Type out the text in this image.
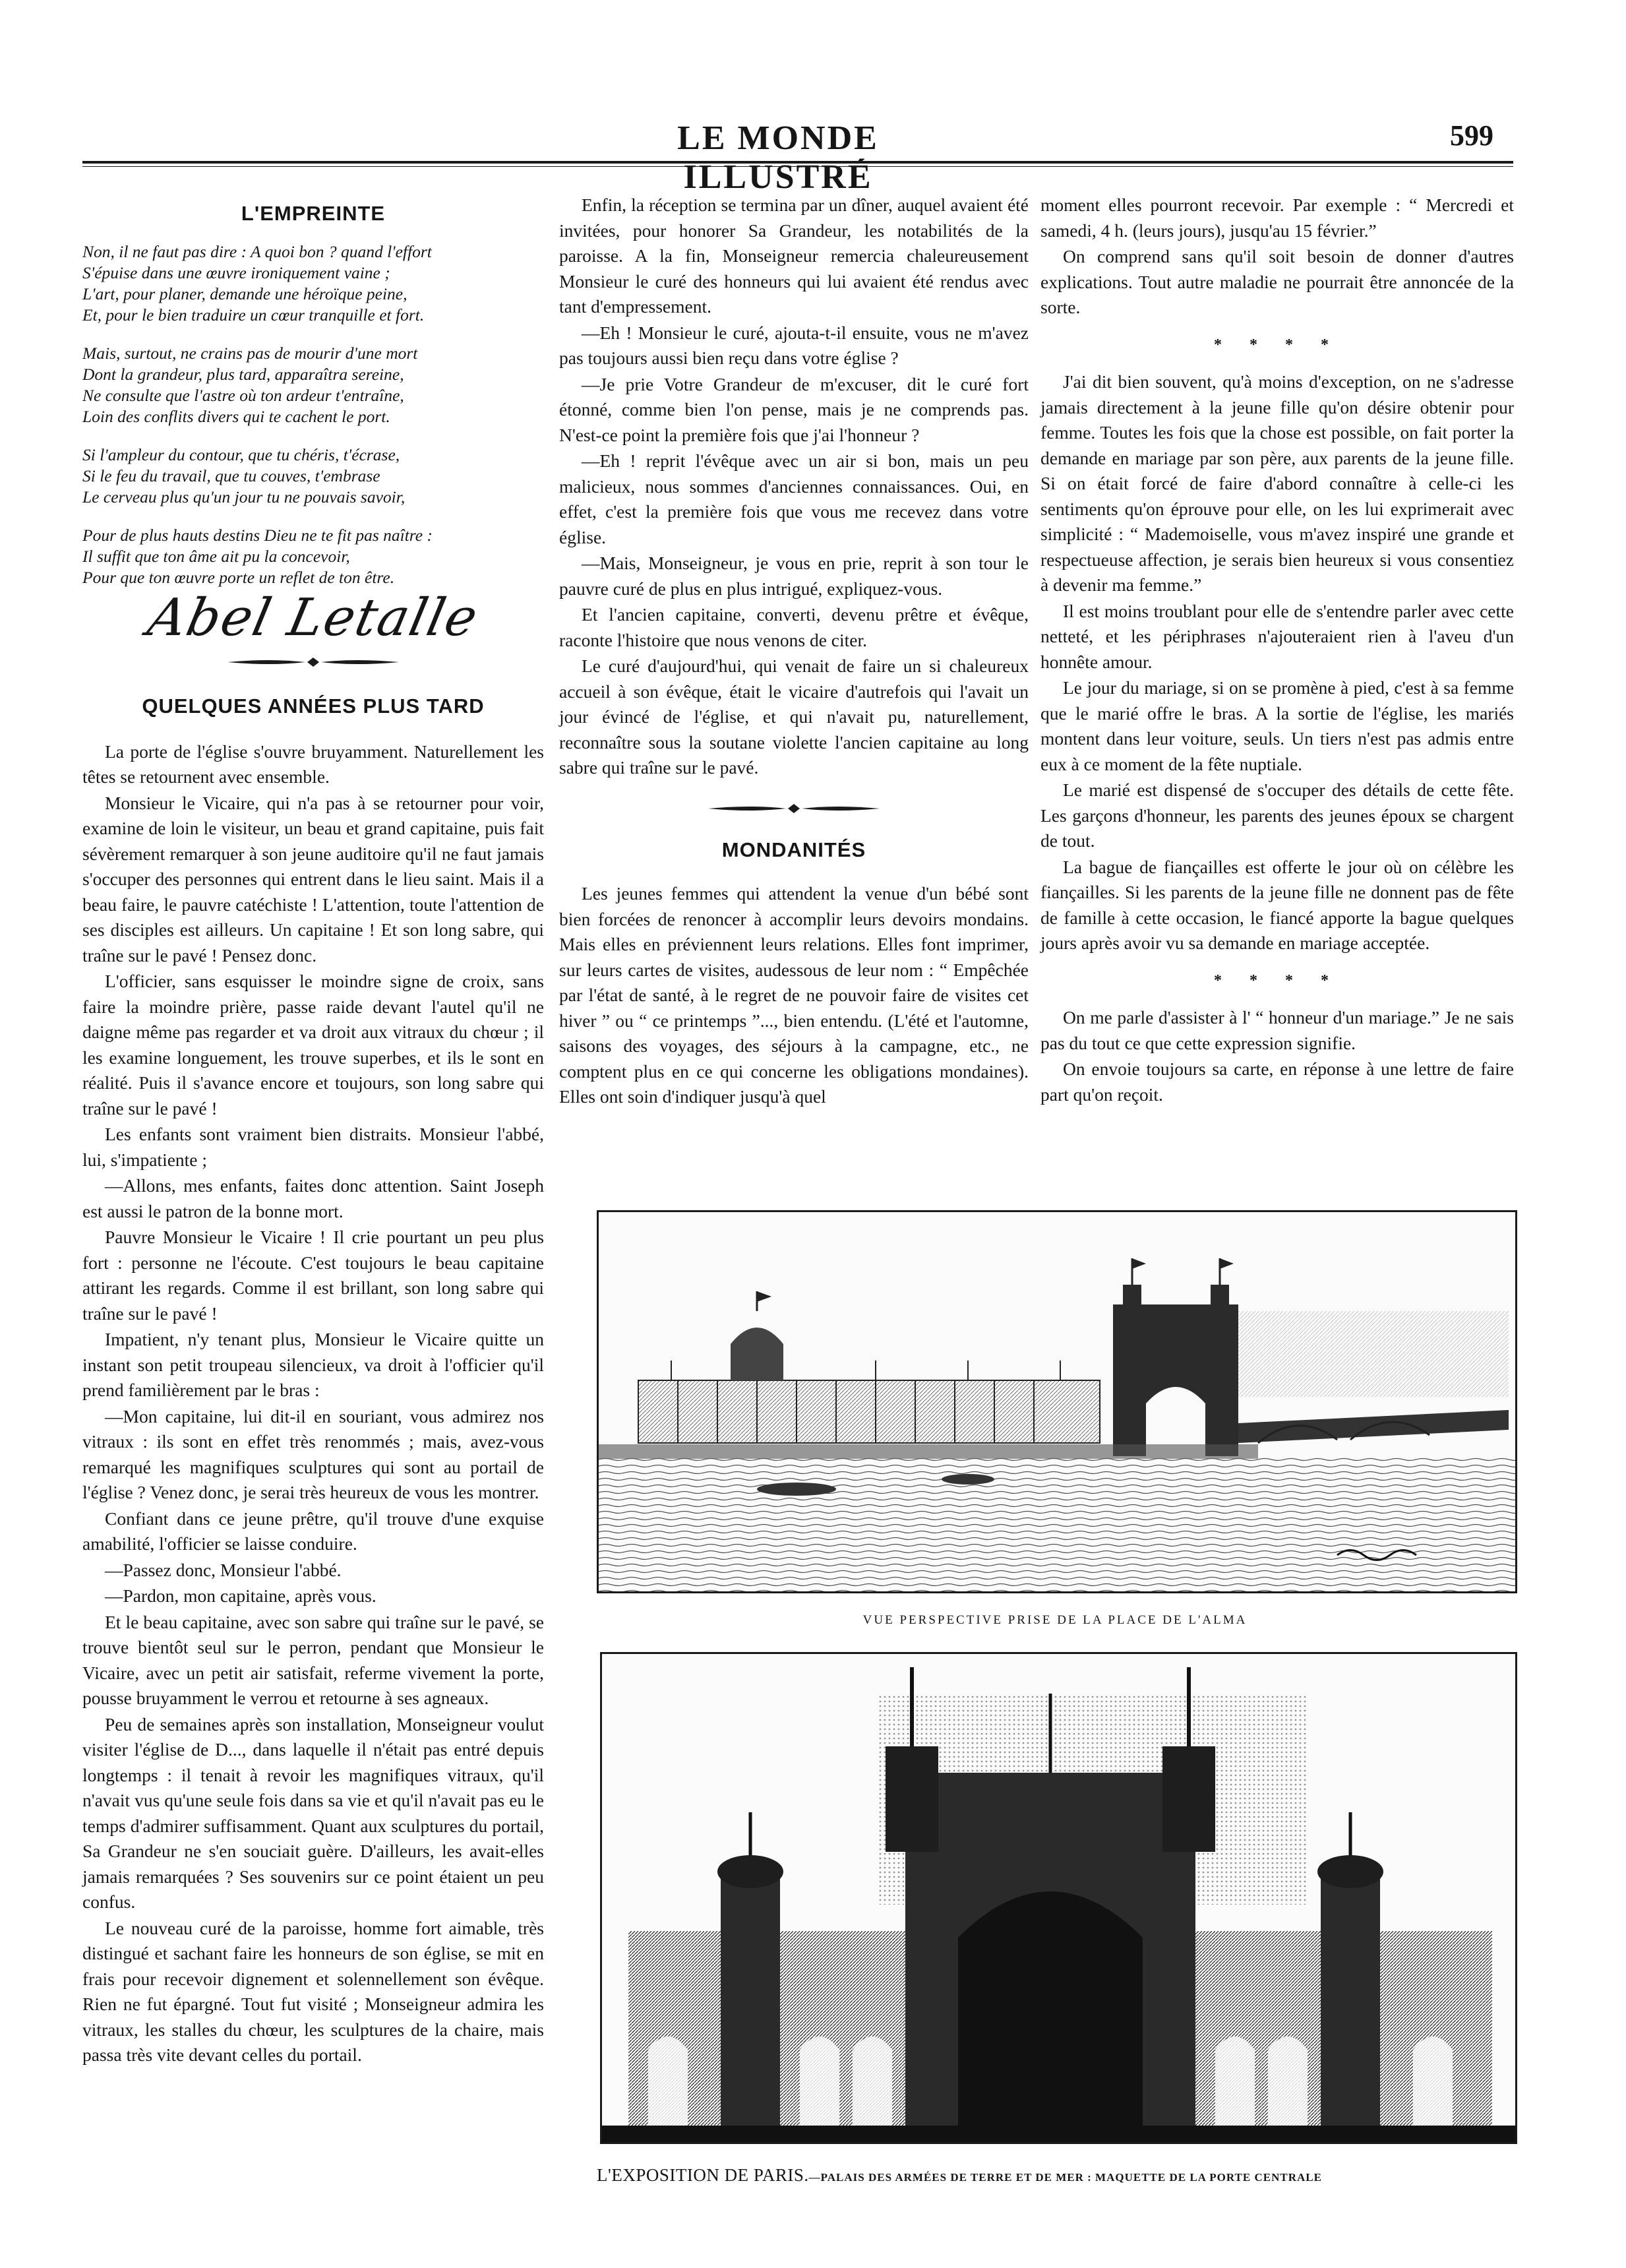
LE MONDE ILLUSTRÉ
599
L'EMPREINTE
Non, il ne faut pas dire : A quoi bon ? quand l'effort
S'épuise dans une œuvre ironiquement vaine ;
L'art, pour planer, demande une héroïque peine,
Et, pour le bien traduire un cœur tranquille et fort.
Mais, surtout, ne crains pas de mourir d'une mort
Dont la grandeur, plus tard, apparaîtra sereine,
Ne consulte que l'astre où ton ardeur t'entraîne,
Loin des conflits divers qui te cachent le port.
Si l'ampleur du contour, que tu chéris, t'écrase,
Si le feu du travail, que tu couves, t'embrase
Le cerveau plus qu'un jour tu ne pouvais savoir,
Pour de plus hauts destins Dieu ne te fit pas naître :
Il suffit que ton âme ait pu la concevoir,
Pour que ton œuvre porte un reflet de ton être.
Abel Letalle
QUELQUES ANNÉES PLUS TARD

La porte de l'église s'ouvre bruyamment. Naturellement les têtes se retournent avec ensemble.

Monsieur le Vicaire, qui n'a pas à se retourner pour voir, examine de loin le visiteur, un beau et grand capitaine, puis fait sévèrement remarquer à son jeune auditoire qu'il ne faut jamais s'occuper des personnes qui entrent dans le lieu saint. Mais il a beau faire, le pauvre catéchiste ! L'attention, toute l'attention de ses disciples est ailleurs. Un capitaine ! Et son long sabre, qui traîne sur le pavé ! Pensez donc.

L'officier, sans esquisser le moindre signe de croix, sans faire la moindre prière, passe raide devant l'autel qu'il ne daigne même pas regarder et va droit aux vitraux du chœur ; il les examine longuement, les trouve superbes, et ils le sont en réalité. Puis il s'avance encore et toujours, son long sabre qui traîne sur le pavé !

Les enfants sont vraiment bien distraits. Monsieur l'abbé, lui, s'impatiente ;

—Allons, mes enfants, faites donc attention. Saint Joseph est aussi le patron de la bonne mort.

Pauvre Monsieur le Vicaire ! Il crie pourtant un peu plus fort : personne ne l'écoute. C'est toujours le beau capitaine attirant les regards. Comme il est brillant, son long sabre qui traîne sur le pavé !

Impatient, n'y tenant plus, Monsieur le Vicaire quitte un instant son petit troupeau silencieux, va droit à l'officier qu'il prend familièrement par le bras :

—Mon capitaine, lui dit-il en souriant, vous admirez nos vitraux : ils sont en effet très renommés ; mais, avez-vous remarqué les magnifiques sculptures qui sont au portail de l'église ? Venez donc, je serai très heureux de vous les montrer.

Confiant dans ce jeune prêtre, qu'il trouve d'une exquise amabilité, l'officier se laisse conduire.

—Passez donc, Monsieur l'abbé.

—Pardon, mon capitaine, après vous.

Et le beau capitaine, avec son sabre qui traîne sur le pavé, se trouve bientôt seul sur le perron, pendant que Monsieur le Vicaire, avec un petit air satisfait, referme vivement la porte, pousse bruyamment le verrou et retourne à ses agneaux.

Peu de semaines après son installation, Monseigneur voulut visiter l'église de D..., dans laquelle il n'était pas entré depuis longtemps : il tenait à revoir les magnifiques vitraux, qu'il n'avait vus qu'une seule fois dans sa vie et qu'il n'avait pas eu le temps d'admirer suffisamment. Quant aux sculptures du portail, Sa Grandeur ne s'en souciait guère. D'ailleurs, les avait-elles jamais remarquées ? Ses souvenirs sur ce point étaient un peu confus.

Le nouveau curé de la paroisse, homme fort aimable, très distingué et sachant faire les honneurs de son église, se mit en frais pour recevoir dignement et solennellement son évêque. Rien ne fut épargné. Tout fut visité ; Monseigneur admira les vitraux, les stalles du chœur, les sculptures de la chaire, mais passa très vite devant celles du portail.

Enfin, la réception se termina par un dîner, auquel avaient été invitées, pour honorer Sa Grandeur, les notabilités de la paroisse. A la fin, Monseigneur remercia chaleureusement Monsieur le curé des honneurs qui lui avaient été rendus avec tant d'empressement.

—Eh ! Monsieur le curé, ajouta-t-il ensuite, vous ne m'avez pas toujours aussi bien reçu dans votre église ?

—Je prie Votre Grandeur de m'excuser, dit le curé fort étonné, comme bien l'on pense, mais je ne comprends pas. N'est-ce point la première fois que j'ai l'honneur ?

—Eh ! reprit l'évêque avec un air si bon, mais un peu malicieux, nous sommes d'anciennes connaissances. Oui, en effet, c'est la première fois que vous me recevez dans votre église.

—Mais, Monseigneur, je vous en prie, reprit à son tour le pauvre curé de plus en plus intrigué, expliquez-vous.

Et l'ancien capitaine, converti, devenu prêtre et évêque, raconte l'histoire que nous venons de citer.

Le curé d'aujourd'hui, qui venait de faire un si chaleureux accueil à son évêque, était le vicaire d'autrefois qui l'avait un jour évincé de l'église, et qui n'avait pu, naturellement, reconnaître sous la soutane violette l'ancien capitaine au long sabre qui traîne sur le pavé.

MONDANITÉS

Les jeunes femmes qui attendent la venue d'un bébé sont bien forcées de renoncer à accomplir leurs devoirs mondains. Mais elles en préviennent leurs relations. Elles font imprimer, sur leurs cartes de visites, audessous de leur nom : “ Empêchée par l'état de santé, à le regret de ne pouvoir faire de visites cet hiver ” ou “ ce printemps ”..., bien entendu. (L'été et l'automne, saisons des voyages, des séjours à la campagne, etc., ne comptent plus en ce qui concerne les obligations mondaines). Elles ont soin d'indiquer jusqu'à quel

moment elles pourront recevoir. Par exemple : “ Mercredi et samedi, 4 h. (leurs jours), jusqu'au 15 février.”

On comprend sans qu'il soit besoin de donner d'autres explications. Tout autre maladie ne pourrait être annoncée de la sorte.

* * * *

J'ai dit bien souvent, qu'à moins d'exception, on ne s'adresse jamais directement à la jeune fille qu'on désire obtenir pour femme. Toutes les fois que la chose est possible, on fait porter la demande en mariage par son père, aux parents de la jeune fille. Si on était forcé de faire d'abord connaître à celle-ci les sentiments qu'on éprouve pour elle, on les lui exprimerait avec simplicité : “ Mademoiselle, vous m'avez inspiré une grande et respectueuse affection, je serais bien heureux si vous consentiez à devenir ma femme.”

Il est moins troublant pour elle de s'entendre parler avec cette netteté, et les périphrases n'ajouteraient rien à l'aveu d'un honnête amour.

Le jour du mariage, si on se promène à pied, c'est à sa femme que le marié offre le bras. A la sortie de l'église, les mariés montent dans leur voiture, seuls. Un tiers n'est pas admis entre eux à ce moment de la fête nuptiale.

Le marié est dispensé de s'occuper des détails de cette fête. Les garçons d'honneur, les parents des jeunes époux se chargent de tout.

La bague de fiançailles est offerte le jour où on célèbre les fiançailles. Si les parents de la jeune fille ne donnent pas de fête de famille à cette occasion, le fiancé apporte la bague quelques jours après avoir vu sa demande en mariage acceptée.

* * * *

On me parle d'assister à l' “ honneur d'un mariage.” Je ne sais pas du tout ce que cette expression signifie.

On envoie toujours sa carte, en réponse à une lettre de faire part qu'on reçoit.

VUE PERSPECTIVE PRISE DE LA PLACE DE L'ALMA
L'EXPOSITION DE PARIS.—PALAIS DES ARMÉES DE TERRE ET DE MER : MAQUETTE DE LA PORTE CENTRALE
